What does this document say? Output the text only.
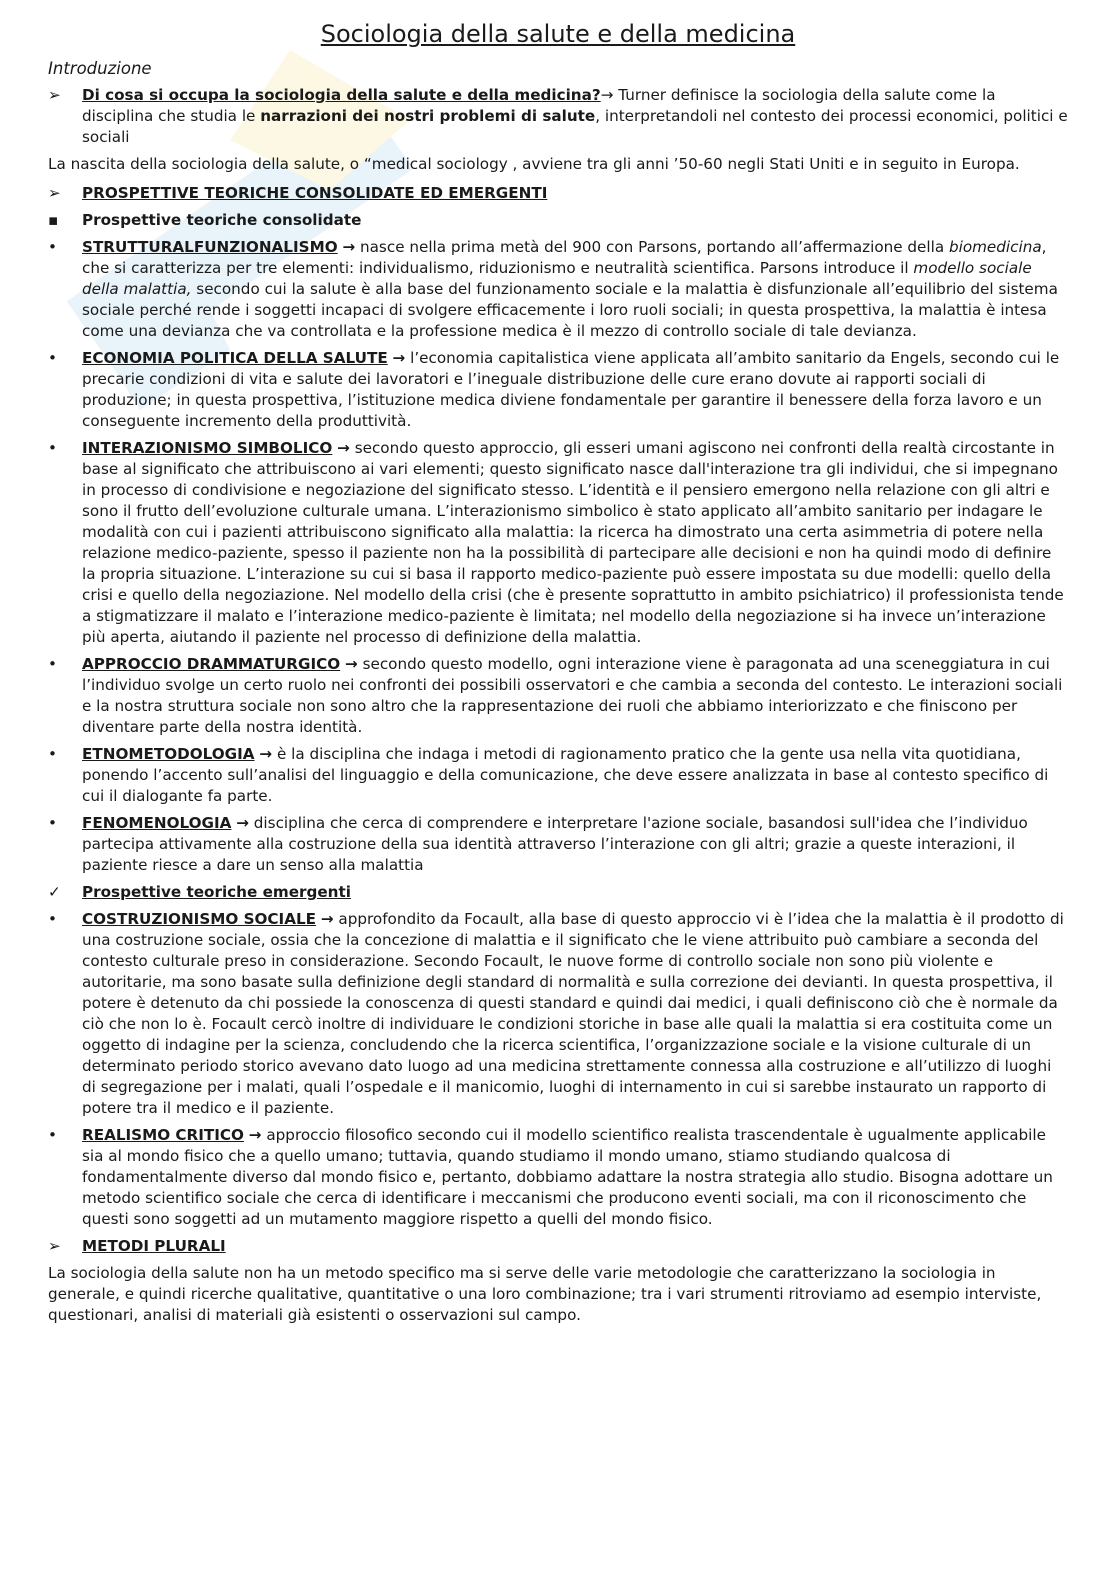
Sociologia della salute e della medicina
Introduzione
➢	Di cosa si occupa la sociologia della salute e della medicina?→ Turner definisce la sociologia della salute come la disciplina che studia le narrazioni dei nostri problemi di salute, interpretandoli nel contesto dei processi economici, politici e sociali

La nascita della sociologia della salute, o “medical sociology , avviene tra gli anni ’50-60 negli Stati Uniti e in seguito in Europa.

➢	PROSPETTIVE TEORICHE CONSOLIDATE ED EMERGENTI
▪	Prospettive teoriche consolidate
•	STRUTTURALFUNZIONALISMO → nasce nella prima metà del 900 con Parsons, portando all’affermazione della biomedicina, che si caratterizza per tre elementi: individualismo, riduzionismo e neutralità scientifica. Parsons introduce il modello sociale della malattia, secondo cui la salute è alla base del funzionamento sociale e la malattia è disfunzionale all’equilibrio del sistema sociale perché rende i soggetti incapaci di svolgere efficacemente i loro ruoli sociali; in questa prospettiva, la malattia è intesa come una devianza che va controllata e la professione medica è il mezzo di controllo sociale di tale devianza.
•	ECONOMIA POLITICA DELLA SALUTE → l’economia capitalistica viene applicata all’ambito sanitario da Engels, secondo cui le precarie condizioni di vita e salute dei lavoratori e l’ineguale distribuzione delle cure erano dovute ai rapporti sociali di produzione; in questa prospettiva, l’istituzione medica diviene fondamentale per garantire il benessere della forza lavoro e un conseguente incremento della produttività.
•	INTERAZIONISMO SIMBOLICO → secondo questo approccio, gli esseri umani agiscono nei confronti della realtà circostante in base al significato che attribuiscono ai vari elementi; questo significato nasce dall'interazione tra gli individui, che si impegnano in processo di condivisione e negoziazione del significato stesso. L’identità e il pensiero emergono nella relazione con gli altri e sono il frutto dell’evoluzione culturale umana. L’interazionismo simbolico è stato applicato all’ambito sanitario per indagare le modalità con cui i pazienti attribuiscono significato alla malattia: la ricerca ha dimostrato una certa asimmetria di potere nella relazione medico-paziente, spesso il paziente non ha la possibilità di partecipare alle decisioni e non ha quindi modo di definire la propria situazione. L’interazione su cui si basa il rapporto medico-paziente può essere impostata su due modelli: quello della crisi e quello della negoziazione. Nel modello della crisi (che è presente soprattutto in ambito psichiatrico) il professionista tende a stigmatizzare il malato e l’interazione medico-paziente è limitata; nel modello della negoziazione si ha invece un’interazione più aperta, aiutando il paziente nel processo di definizione della malattia.
•	APPROCCIO DRAMMATURGICO → secondo questo modello, ogni interazione viene è paragonata ad una sceneggiatura in cui l’individuo svolge un certo ruolo nei confronti dei possibili osservatori e che cambia a seconda del contesto. Le interazioni sociali e la nostra struttura sociale non sono altro che la rappresentazione dei ruoli che abbiamo interiorizzato e che finiscono per diventare parte della nostra identità.
•	ETNOMETODOLOGIA → è la disciplina che indaga i metodi di ragionamento pratico che la gente usa nella vita quotidiana, ponendo l’accento sull’analisi del linguaggio e della comunicazione, che deve essere analizzata in base al contesto specifico di cui il dialogante fa parte.
•	FENOMENOLOGIA → disciplina che cerca di comprendere e interpretare l'azione sociale, basandosi sull'idea che l’individuo partecipa attivamente alla costruzione della sua identità attraverso l’interazione con gli altri; grazie a queste interazioni, il paziente riesce a dare un senso alla malattia
✓	Prospettive teoriche emergenti
•	COSTRUZIONISMO SOCIALE → approfondito da Focault, alla base di questo approccio vi è l’idea che la malattia è il prodotto di una costruzione sociale, ossia che la concezione di malattia e il significato che le viene attribuito può cambiare a seconda del contesto culturale preso in considerazione. Secondo Focault, le nuove forme di controllo sociale non sono più violente e autoritarie, ma sono basate sulla definizione degli standard di normalità e sulla correzione dei devianti. In questa prospettiva, il potere è detenuto da chi possiede la conoscenza di questi standard e quindi dai medici, i quali definiscono ciò che è normale da ciò che non lo è. Focault cercò inoltre di individuare le condizioni storiche in base alle quali la malattia si era costituita come un oggetto di indagine per la scienza, concludendo che la ricerca scientifica, l’organizzazione sociale e la visione culturale di un determinato periodo storico avevano dato luogo ad una medicina strettamente connessa alla costruzione e all’utilizzo di luoghi di segregazione per i malati, quali l’ospedale e il manicomio, luoghi di internamento in cui si sarebbe instaurato un rapporto di potere tra il medico e il paziente.
•	REALISMO CRITICO → approccio filosofico secondo cui il modello scientifico realista trascendentale è ugualmente applicabile sia al mondo fisico che a quello umano; tuttavia, quando studiamo il mondo umano, stiamo studiando qualcosa di fondamentalmente diverso dal mondo fisico e, pertanto, dobbiamo adattare la nostra strategia allo studio. Bisogna adottare un metodo scientifico sociale che cerca di identificare i meccanismi che producono eventi sociali, ma con il riconoscimento che questi sono soggetti ad un mutamento maggiore rispetto a quelli del mondo fisico.
➢	METODI PLURALI

La sociologia della salute non ha un metodo specifico ma si serve delle varie metodologie che caratterizzano la sociologia in generale, e quindi ricerche qualitative, quantitative o una loro combinazione; tra i vari strumenti ritroviamo ad esempio interviste, questionari, analisi di materiali già esistenti o osservazioni sul campo.
